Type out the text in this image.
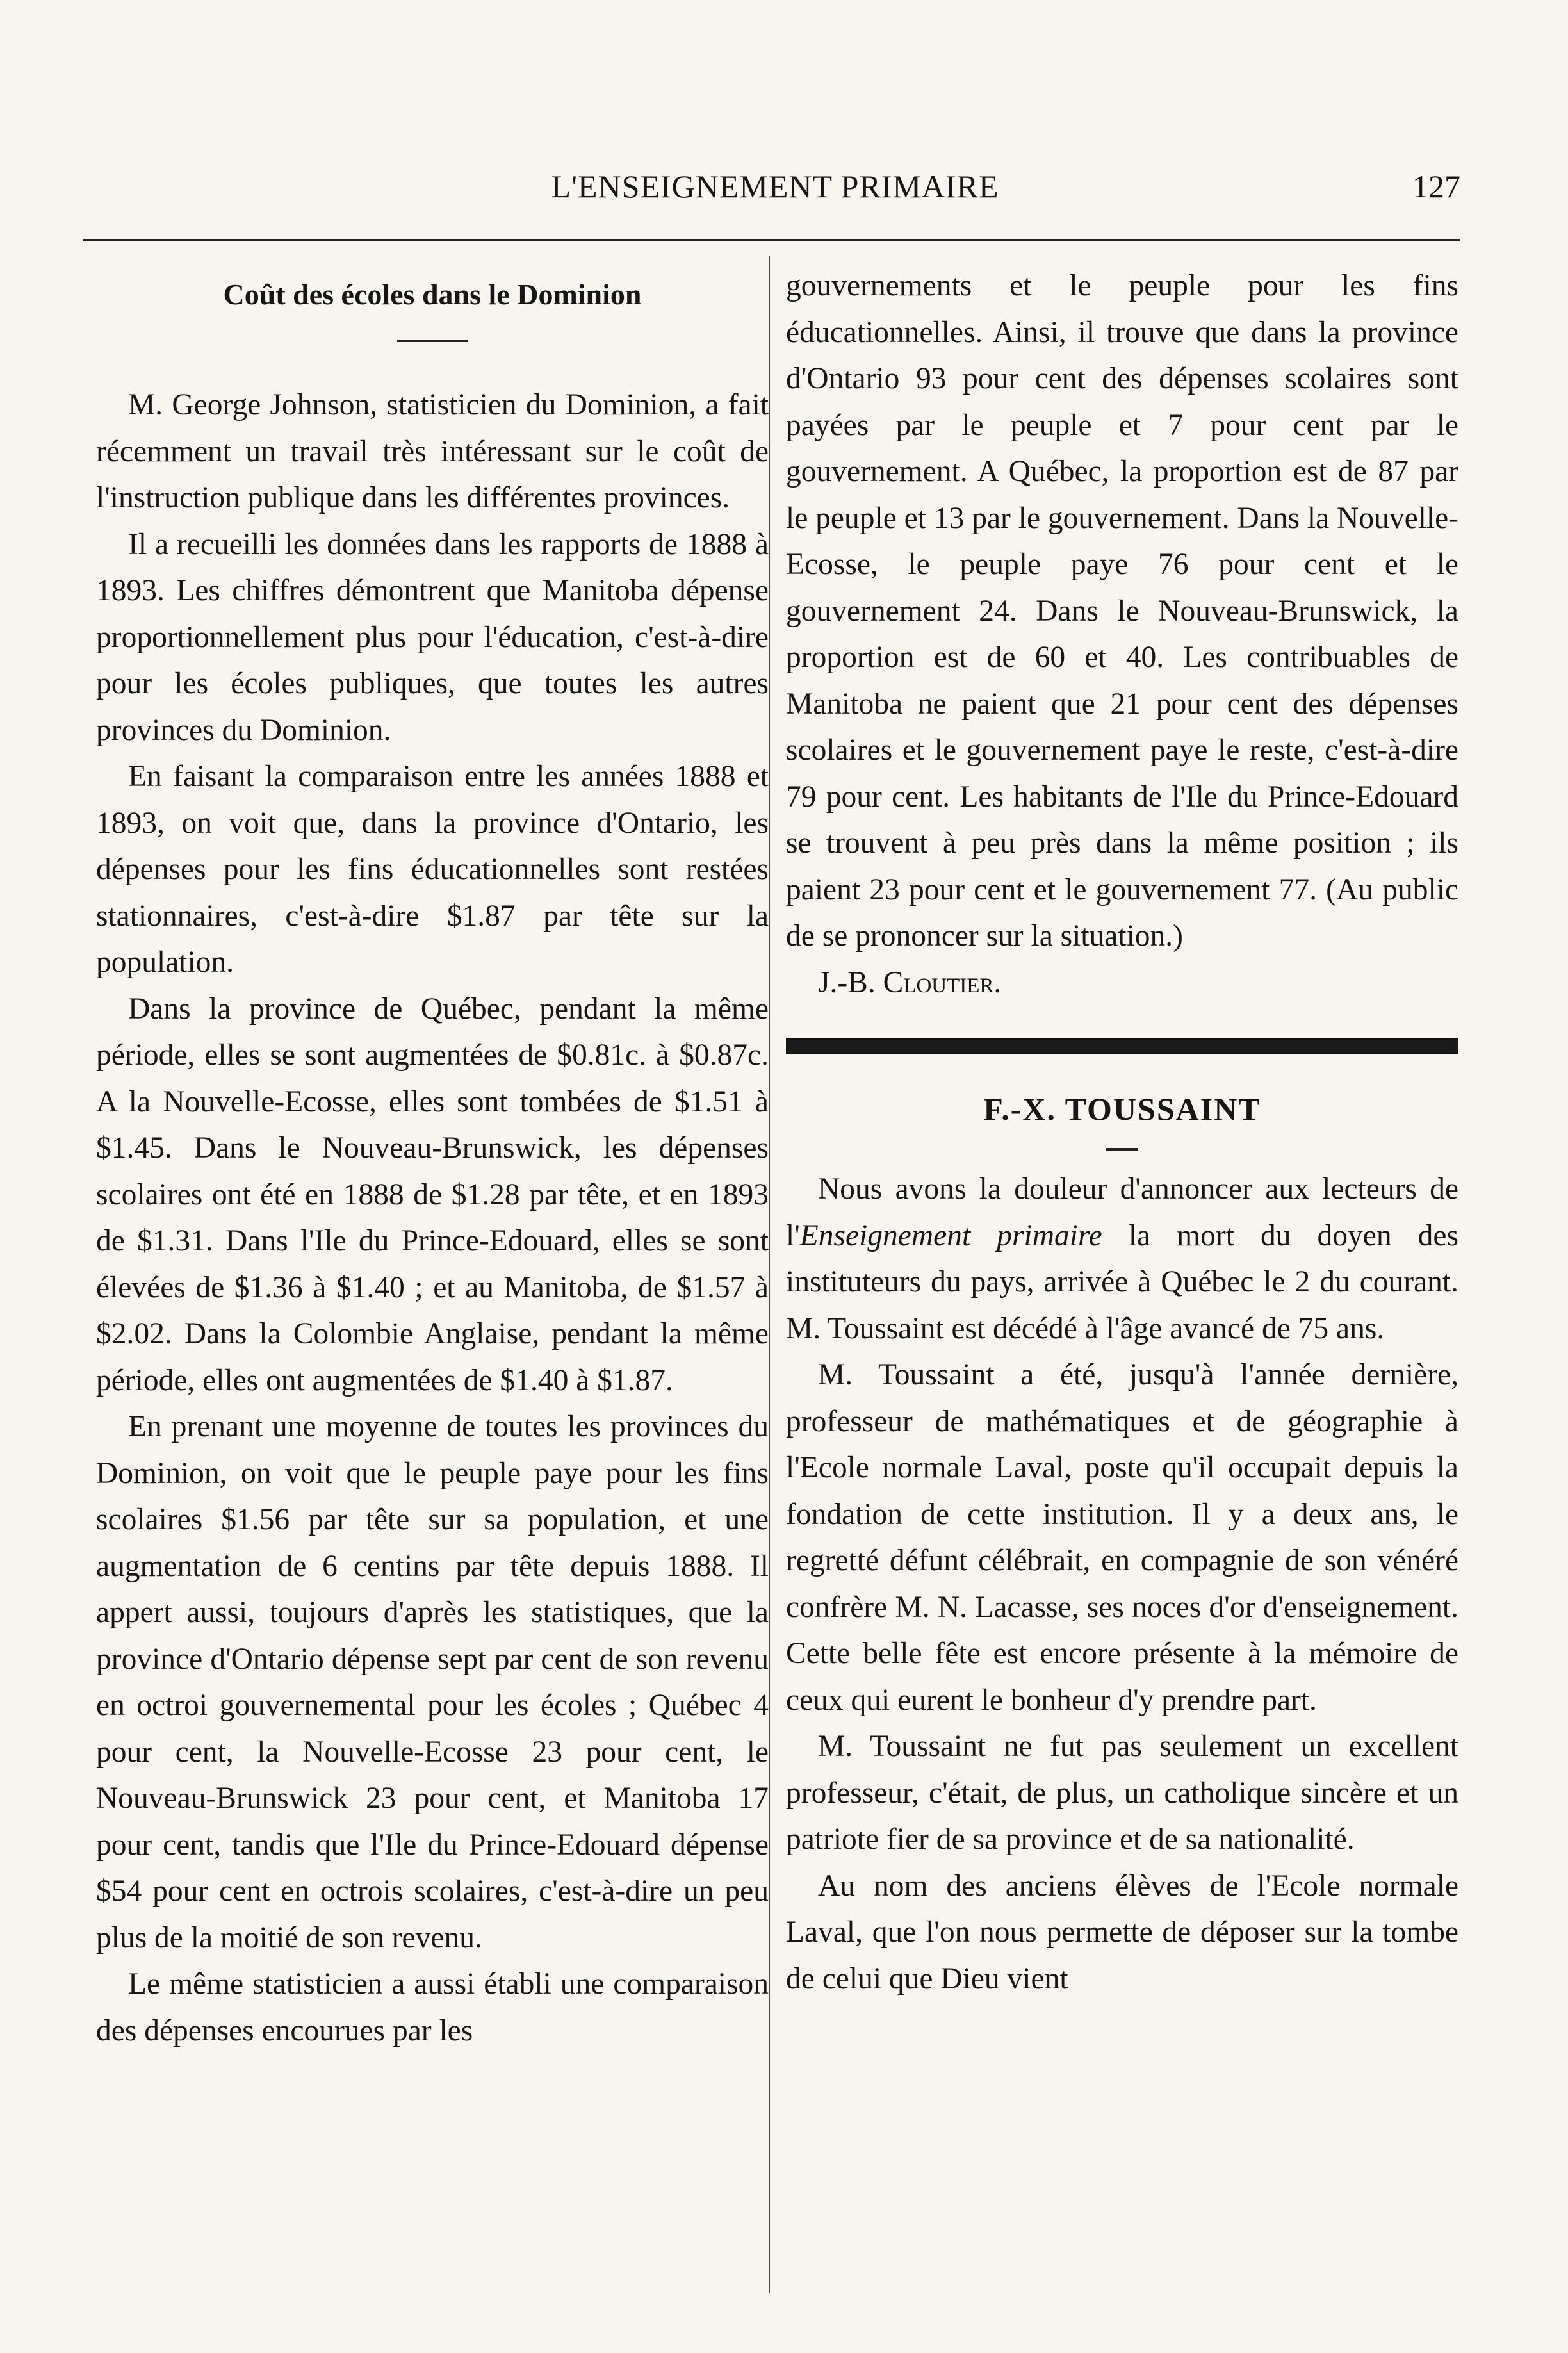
L'ENSEIGNEMENT PRIMAIRE	127
Coût des écoles dans le Dominion

M. George Johnson, statisticien du Dominion, a fait récemment un travail très intéressant sur le coût de l'instruction publique dans les différentes provinces.

Il a recueilli les données dans les rapports de 1888 à 1893. Les chiffres démontrent que Manitoba dépense proportionnellement plus pour l'éducation, c'est-à-dire pour les écoles publiques, que toutes les autres provinces du Dominion.

En faisant la comparaison entre les années 1888 et 1893, on voit que, dans la province d'Ontario, les dépenses pour les fins éducationnelles sont restées stationnaires, c'est-à-dire $1.87 par tête sur la population.

Dans la province de Québec, pendant la même période, elles se sont augmentées de $0.81c. à $0.87c. A la Nouvelle-Ecosse, elles sont tombées de $1.51 à $1.45. Dans le Nouveau-Brunswick, les dépenses scolaires ont été en 1888 de $1.28 par tête, et en 1893 de $1.31. Dans l'Ile du Prince-Edouard, elles se sont élevées de $1.36 à $1.40 ; et au Manitoba, de $1.57 à $2.02. Dans la Colombie Anglaise, pendant la même période, elles ont augmentées de $1.40 à $1.87.

En prenant une moyenne de toutes les provinces du Dominion, on voit que le peuple paye pour les fins scolaires $1.56 par tête sur sa population, et une augmentation de 6 centins par tête depuis 1888. Il appert aussi, toujours d'après les statistiques, que la province d'Ontario dépense sept par cent de son revenu en octroi gouvernemental pour les écoles ; Québec 4 pour cent, la Nouvelle-Ecosse 23 pour cent, le Nouveau-Brunswick 23 pour cent, et Manitoba 17 pour cent, tandis que l'Ile du Prince-Edouard dépense $54 pour cent en octrois scolaires, c'est-à-dire un peu plus de la moitié de son revenu.

Le même statisticien a aussi établi une comparaison des dépenses encourues par les

gouvernements et le peuple pour les fins éducationnelles. Ainsi, il trouve que dans la province d'Ontario 93 pour cent des dépenses scolaires sont payées par le peuple et 7 pour cent par le gouvernement. A Québec, la proportion est de 87 par le peuple et 13 par le gouvernement. Dans la Nouvelle-Ecosse, le peuple paye 76 pour cent et le gouvernement 24. Dans le Nouveau-Brunswick, la proportion est de 60 et 40. Les contribuables de Manitoba ne paient que 21 pour cent des dépenses scolaires et le gouvernement paye le reste, c'est-à-dire 79 pour cent. Les habitants de l'Ile du Prince-Edouard se trouvent à peu près dans la même position ; ils paient 23 pour cent et le gouvernement 77. (Au public de se prononcer sur la situation.)

J.-B. Cloutier.

F.-X. TOUSSAINT

Nous avons la douleur d'annoncer aux lecteurs de l'Enseignement primaire la mort du doyen des instituteurs du pays, arrivée à Québec le 2 du courant. M. Toussaint est décédé à l'âge avancé de 75 ans.

M. Toussaint a été, jusqu'à l'année dernière, professeur de mathématiques et de géographie à l'Ecole normale Laval, poste qu'il occupait depuis la fondation de cette institution. Il y a deux ans, le regretté défunt célébrait, en compagnie de son vénéré confrère M. N. Lacasse, ses noces d'or d'enseignement. Cette belle fête est encore présente à la mémoire de ceux qui eurent le bonheur d'y prendre part.

M. Toussaint ne fut pas seulement un excellent professeur, c'était, de plus, un catholique sincère et un patriote fier de sa province et de sa nationalité.

Au nom des anciens élèves de l'Ecole normale Laval, que l'on nous permette de déposer sur la tombe de celui que Dieu vient
